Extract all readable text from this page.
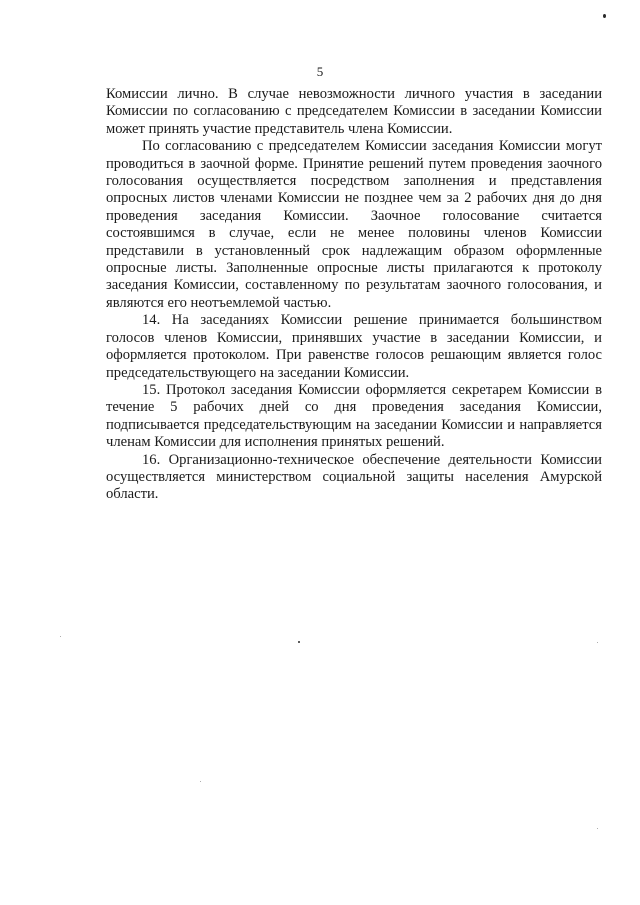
5

Комиссии лично. В случае невозможности личного участия в заседании Комиссии по согласованию с председателем Комиссии в заседании Комиссии может принять участие представитель члена Комиссии.

По согласованию с председателем Комиссии заседания Комиссии могут проводиться в заочной форме. Принятие решений путем проведения заочного голосования осуществляется посредством заполнения и представления опросных листов членами Комиссии не позднее чем за 2 рабочих дня до дня проведения заседания Комиссии. Заочное голосование считается состоявшимся в случае, если не менее половины членов Комиссии представили в установленный срок надлежащим образом оформленные опросные листы. Заполненные опросные листы прилагаются к протоколу заседания Комиссии, составленному по результатам заочного голосования, и являются его неотъемлемой частью.

14. На заседаниях Комиссии решение принимается большинством голосов членов Комиссии, принявших участие в заседании Комиссии, и оформляется протоколом. При равенстве голосов решающим является голос председательствующего на заседании Комиссии.

15. Протокол заседания Комиссии оформляется секретарем Комиссии в течение 5 рабочих дней со дня проведения заседания Комиссии, подписывается председательствующим на заседании Комиссии и направляется членам Комиссии для исполнения принятых решений.

16. Организационно-техническое обеспечение деятельности Комиссии осуществляется министерством социальной защиты населения Амурской области.
